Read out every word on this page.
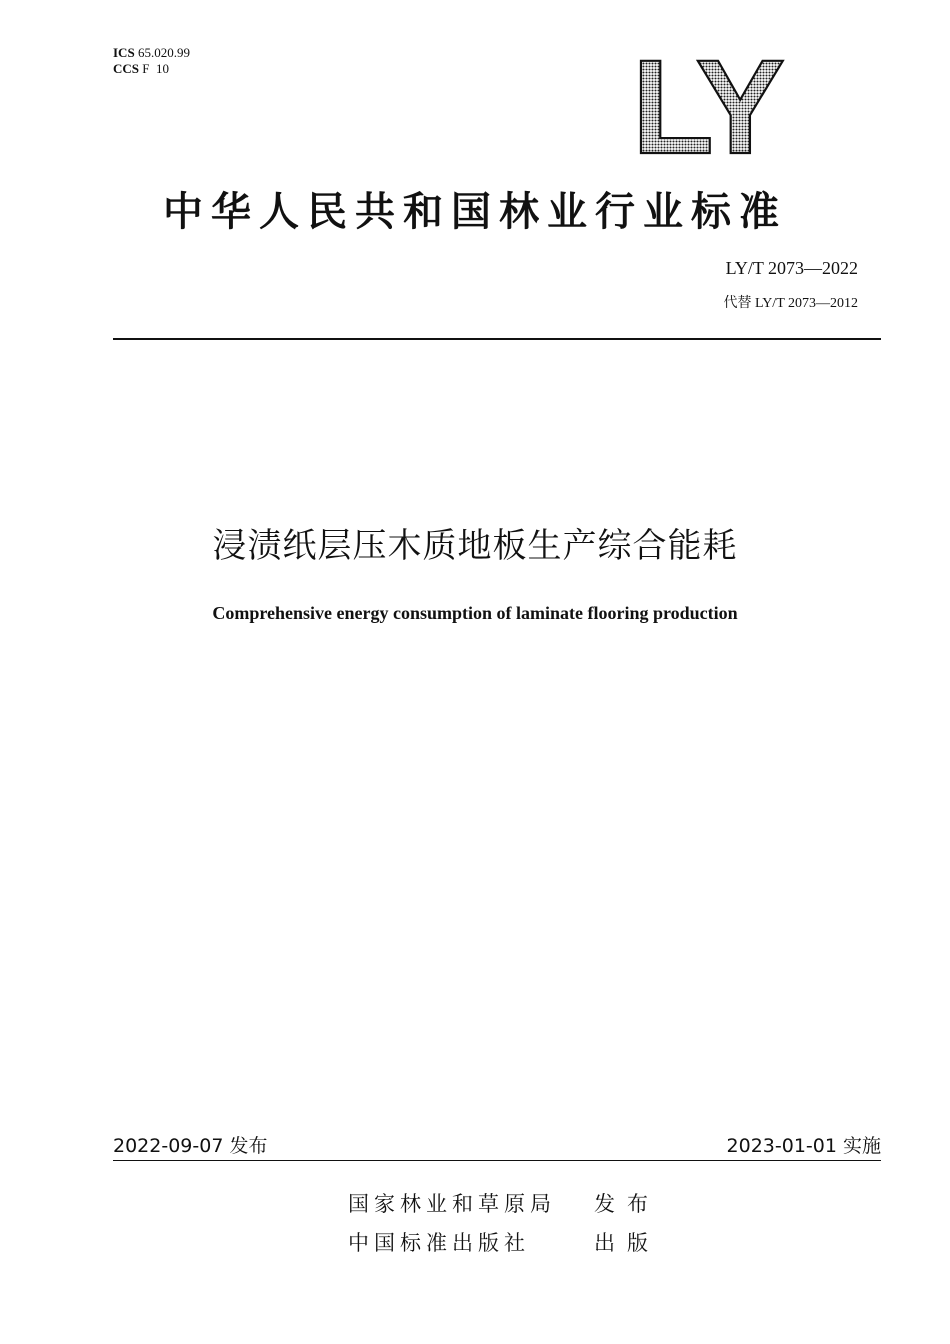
ICS 65.020.99
CCS F  10	LY
中华人民共和国林业行业标准
LY/T 2073—2022
代替 LY/T 2073—2012
浸渍纸层压木质地板生产综合能耗
Comprehensive energy consumption of laminate flooring production
2022-09-07 发布	2023-01-01 实施
国家林业和草原局 发布
中国标准出版社	出版
